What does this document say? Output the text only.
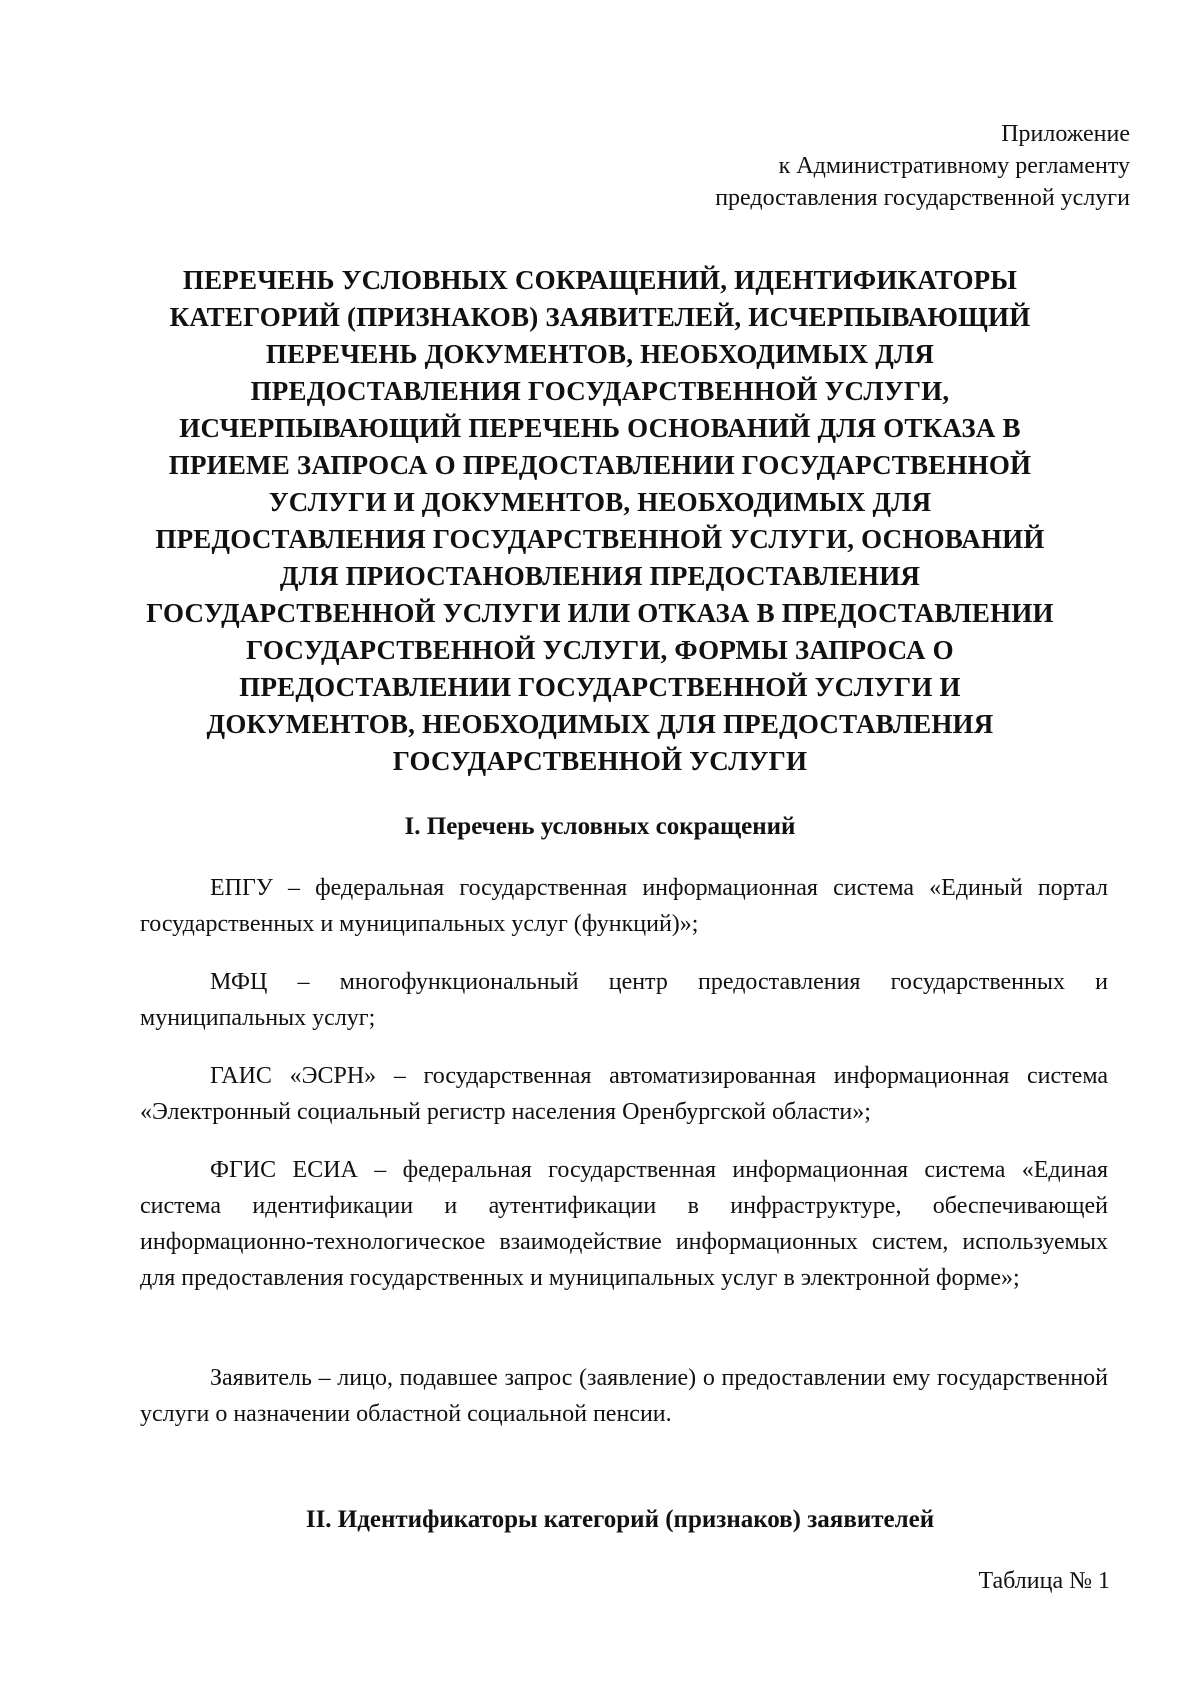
Приложение
к Административному регламенту
предоставления государственной услуги
ПЕРЕЧЕНЬ УСЛОВНЫХ СОКРАЩЕНИЙ, ИДЕНТИФИКАТОРЫ
КАТЕГОРИЙ (ПРИЗНАКОВ) ЗАЯВИТЕЛЕЙ, ИСЧЕРПЫВАЮЩИЙ
ПЕРЕЧЕНЬ ДОКУМЕНТОВ, НЕОБХОДИМЫХ ДЛЯ
ПРЕДОСТАВЛЕНИЯ ГОСУДАРСТВЕННОЙ УСЛУГИ,
ИСЧЕРПЫВАЮЩИЙ ПЕРЕЧЕНЬ ОСНОВАНИЙ ДЛЯ ОТКАЗА В
ПРИЕМЕ ЗАПРОСА О ПРЕДОСТАВЛЕНИИ ГОСУДАРСТВЕННОЙ
УСЛУГИ И ДОКУМЕНТОВ, НЕОБХОДИМЫХ ДЛЯ
ПРЕДОСТАВЛЕНИЯ ГОСУДАРСТВЕННОЙ УСЛУГИ, ОСНОВАНИЙ
ДЛЯ ПРИОСТАНОВЛЕНИЯ ПРЕДОСТАВЛЕНИЯ
ГОСУДАРСТВЕННОЙ УСЛУГИ ИЛИ ОТКАЗА В ПРЕДОСТАВЛЕНИИ
ГОСУДАРСТВЕННОЙ УСЛУГИ, ФОРМЫ ЗАПРОСА О
ПРЕДОСТАВЛЕНИИ ГОСУДАРСТВЕННОЙ УСЛУГИ И
ДОКУМЕНТОВ, НЕОБХОДИМЫХ ДЛЯ ПРЕДОСТАВЛЕНИЯ
ГОСУДАРСТВЕННОЙ УСЛУГИ
I. Перечень условных сокращений
ЕПГУ – федеральная государственная информационная система «Единый портал государственных и муниципальных услуг (функций)»;
МФЦ – многофункциональный центр предоставления государственных и муниципальных услуг;
ГАИС «ЭСРН» – государственная автоматизированная информационная система «Электронный социальный регистр населения Оренбургской области»;
ФГИС ЕСИА – федеральная государственная информационная система «Единая система идентификации и аутентификации в инфраструктуре, обеспечивающей информационно-технологическое взаимодействие информационных систем, используемых для предоставления государственных и муниципальных услуг в электронной форме»;
Заявитель – лицо, подавшее запрос (заявление) о предоставлении ему государственной услуги о назначении областной социальной пенсии.
II. Идентификаторы категорий (признаков) заявителей
Таблица № 1
